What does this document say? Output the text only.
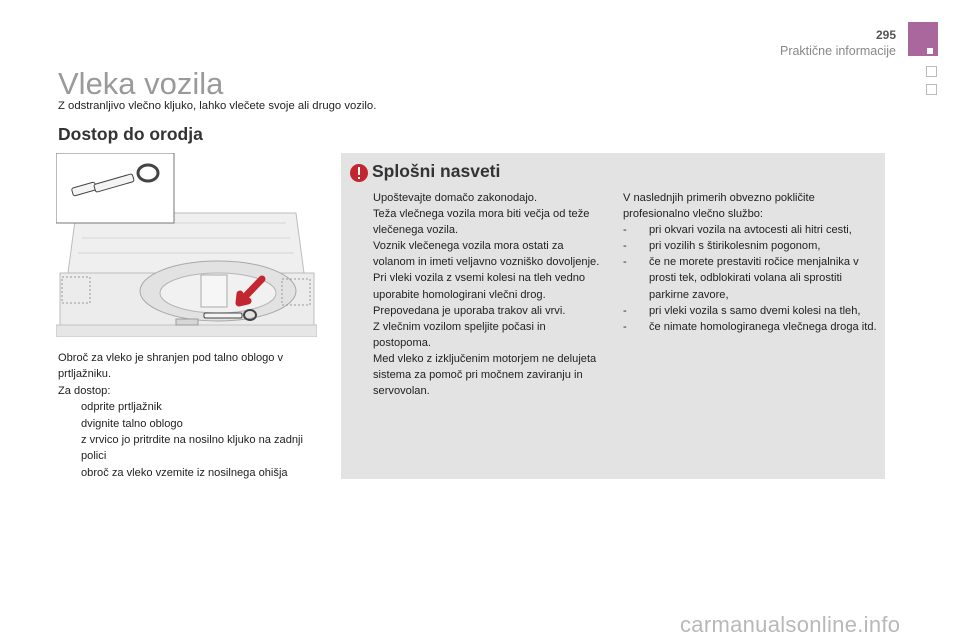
295
Praktične informacije
Vleka vozila
Z odstranljivo vlečno kljuko, lahko vlečete svoje ali drugo vozilo.
Dostop do orodja
Obroč za vleko je shranjen pod talno oblogo v prtljažniku.
Za dostop:
odprite prtljažnik
dvignite talno oblogo
z vrvico jo pritrdite na nosilno kljuko na zadnji polici
obroč za vleko vzemite iz nosilnega ohišja
Splošni nasveti
Upoštevajte domačo zakonodajo.
Teža vlečnega vozila mora biti večja od teže vlečenega vozila.
Voznik vlečenega vozila mora ostati za volanom in imeti veljavno vozniško dovoljenje.
Pri vleki vozila z vsemi kolesi na tleh vedno uporabite homologirani vlečni drog. Prepovedana je uporaba trakov ali vrvi.
Z vlečnim vozilom speljite počasi in postopoma.
Med vleko z izključenim motorjem ne delujeta sistema za pomoč pri močnem zaviranju in servovolan.
V naslednjih primerih obvezno pokličite profesionalno vlečno službo:
-	pri okvari vozila na avtocesti ali hitri cesti,
-	pri vozilih s štirikolesnim pogonom,
-	če ne morete prestaviti ročice menjalnika v prosti tek, odblokirati volana ali sprostiti parkirne zavore,
-	pri vleki vozila s samo dvemi kolesi na tleh,
-	če nimate homologiranega vlečnega droga itd.
carmanualsonline.info
